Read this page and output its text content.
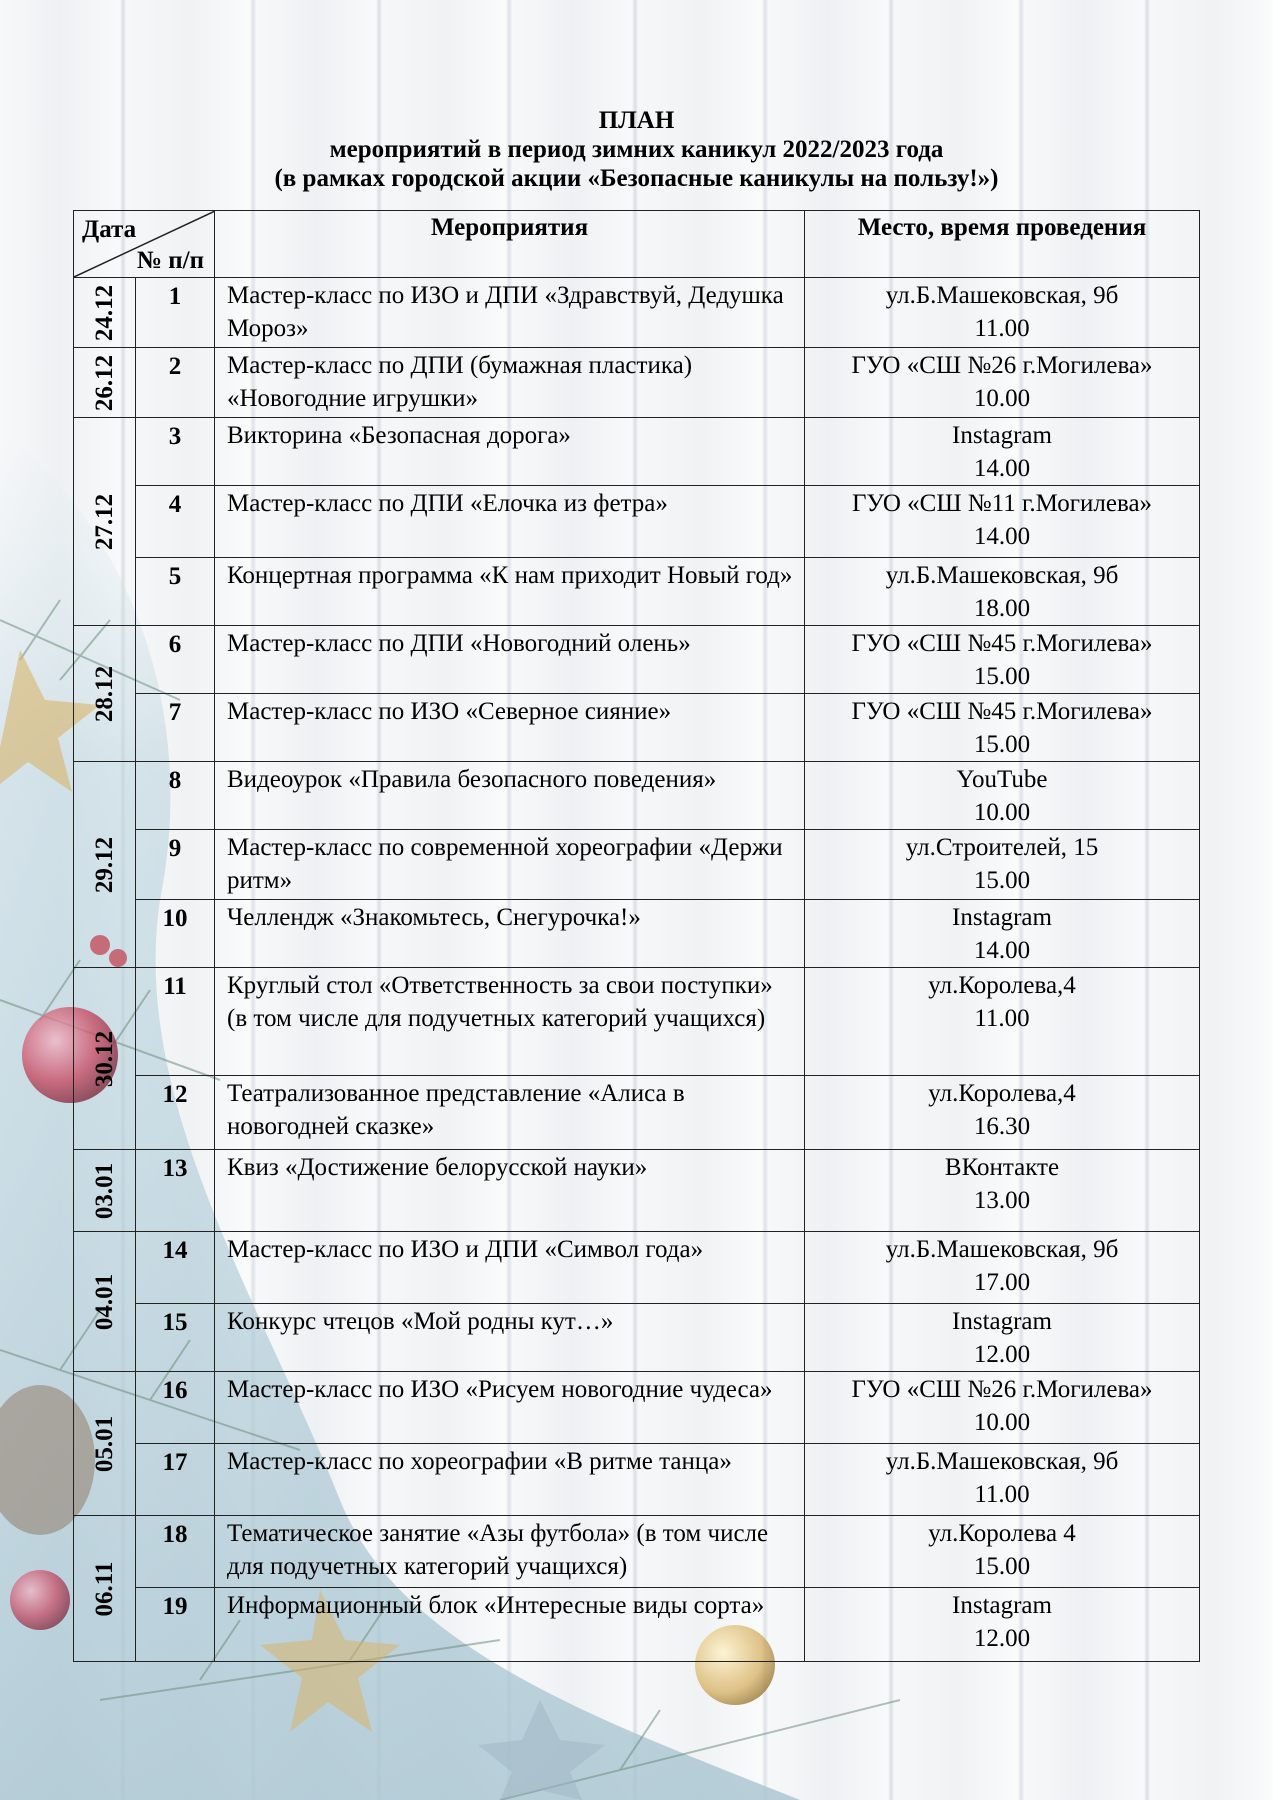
ПЛАН
мероприятий в период зимних каникул 2022/2023 года
(в рамках городской акции «Безопасные каникулы на пользу!»)
Дата
№ п/п		Мероприятия	Место, время проведения

24.12	1	Мастер-класс по ИЗО и ДПИ «Здравствуй, Дедушка Мороз»	ул.Б.Машековская, 9б
11.00

26.12	2	Мастер-класс по ДПИ (бумажная пластика) «Новогодние игрушки»	ГУО «СШ №26 г.Могилева»
10.00

27.12	3	Викторина «Безопасная дорога»	Instagram
14.00

	4	Мастер-класс по ДПИ «Елочка из фетра»	ГУО «СШ №11 г.Могилева»
14.00

	5	Концертная программа «К нам приходит Новый год»	ул.Б.Машековская, 9б
18.00

28.12	6	Мастер-класс по ДПИ «Новогодний олень»	ГУО «СШ №45 г.Могилева»
15.00

	7	Мастер-класс по ИЗО «Северное сияние»	ГУО «СШ №45 г.Могилева»
15.00

29.12	8	Видеоурок «Правила безопасного поведения»	YouTube
10.00

	9	Мастер-класс по современной хореографии «Держи ритм»	ул.Строителей, 15
15.00

	10	Челлендж «Знакомьтесь, Снегурочка!»	Instagram
14.00

30.12	11	Круглый стол «Ответственность за свои поступки» (в том числе для подучетных категорий учащихся)	ул.Королева,4
11.00

	12	Театрализованное представление «Алиса в новогодней сказке»	ул.Королева,4
16.30

03.01	13	Квиз «Достижение белорусской науки»	ВКонтакте
13.00

04.01	14	Мастер-класс по ИЗО и ДПИ «Символ года»	ул.Б.Машековская, 9б
17.00

	15	Конкурс чтецов «Мой родны кут…»	Instagram
12.00

05.01	16	Мастер-класс по ИЗО «Рисуем новогодние чудеса»	ГУО «СШ №26 г.Могилева»
10.00

	17	Мастер-класс по хореографии «В ритме танца»	ул.Б.Машековская, 9б
11.00

06.11	18	Тематическое занятие «Азы футбола» (в том числе для подучетных категорий учащихся)	ул.Королева 4
15.00

	19	Информационный блок «Интересные виды сорта»	Instagram
12.00
